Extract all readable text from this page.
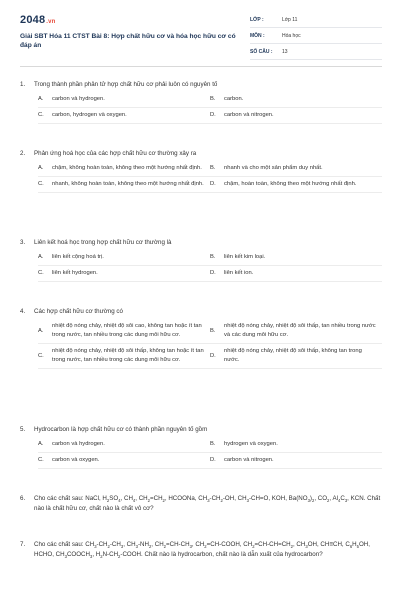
2048.vn
Giải SBT Hóa 11 CTST Bài 8: Hợp chất hữu cơ và hóa học hữu cơ có đáp án
LỚP :	Lớp 11
MÔN :	Hóa học
SỐ CÂU :	13
1.	Trong thành phần phân tử hợp chất hữu cơ phải luôn có nguyên tố
A.	carbon và hydrogen.	B.	carbon.
C.	carbon, hydrogen và oxygen.	D.	carbon và nitrogen.
2.	Phản ứng hoá học của các hợp chất hữu cơ thường xảy ra
A.	chậm, không hoàn toàn, không theo một hướng nhất định.	B.	nhanh và cho một sản phẩm duy nhất.
C.	nhanh, không hoàn toàn, không theo một hướng nhất định.	D.	chậm, hoàn toàn, không theo một hướng nhất định.
3.	Liên kết hoá học trong hợp chất hữu cơ thường là
A.	liên kết cộng hoá trị.	B.	liên kết kim loại.
C.	liên kết hydrogen.	D.	liên kết ion.
4.	Các hợp chất hữu cơ thường có
A.
nhiệt độ nóng chảy, nhiệt độ sôi cao, không tan hoặc ít tan trong nước, tan nhiều trong các dung môi hữu cơ.
B.
nhiệt độ nóng chảy, nhiệt độ sôi thấp, tan nhiều trong nước và các dung môi hữu cơ.
C.
nhiệt độ nóng chảy, nhiệt độ sôi thấp, không tan hoặc ít tan trong nước, tan nhiều trong các dung môi hữu cơ.
D.
nhiệt độ nóng chảy, nhiệt độ sôi thấp, không tan trong nước.
5.	Hydrocarbon là hợp chất hữu cơ có thành phần nguyên tố gồm
A.	carbon và hydrogen.	B.	hydrogen và oxygen.
C.	carbon và oxygen.	D.	carbon và nitrogen.
6.	Cho các chất sau: NaCl, $H_2SO_4$, $CH_4$, $CH_2=CH_2$, HCOONa, $CH_3-CH_2-OH$, $CH_3-CH=O$, KOH, $Ba(NO_3)_2$, $CO_2$, $Al_4C_3$, KCN. Chất nào là chất hữu cơ, chất nào là chất vô cơ?
7.	Cho các chất sau: $CH_3-CH_2-CH_3$, $CH_3-NH_2$, $CH_2=CH-CH_3$, $CH_2=CH$-COOH, $CH_2=CH-CH=CH_2$, $CH_3OH$, CH≡CH, $C_6H_5OH$, HCHO, $CH_3COOCH_3$, $H_2N-CH_2$-COOH. Chất nào là hydrocarbon, chất nào là dẫn xuất của hydrocarbon?
